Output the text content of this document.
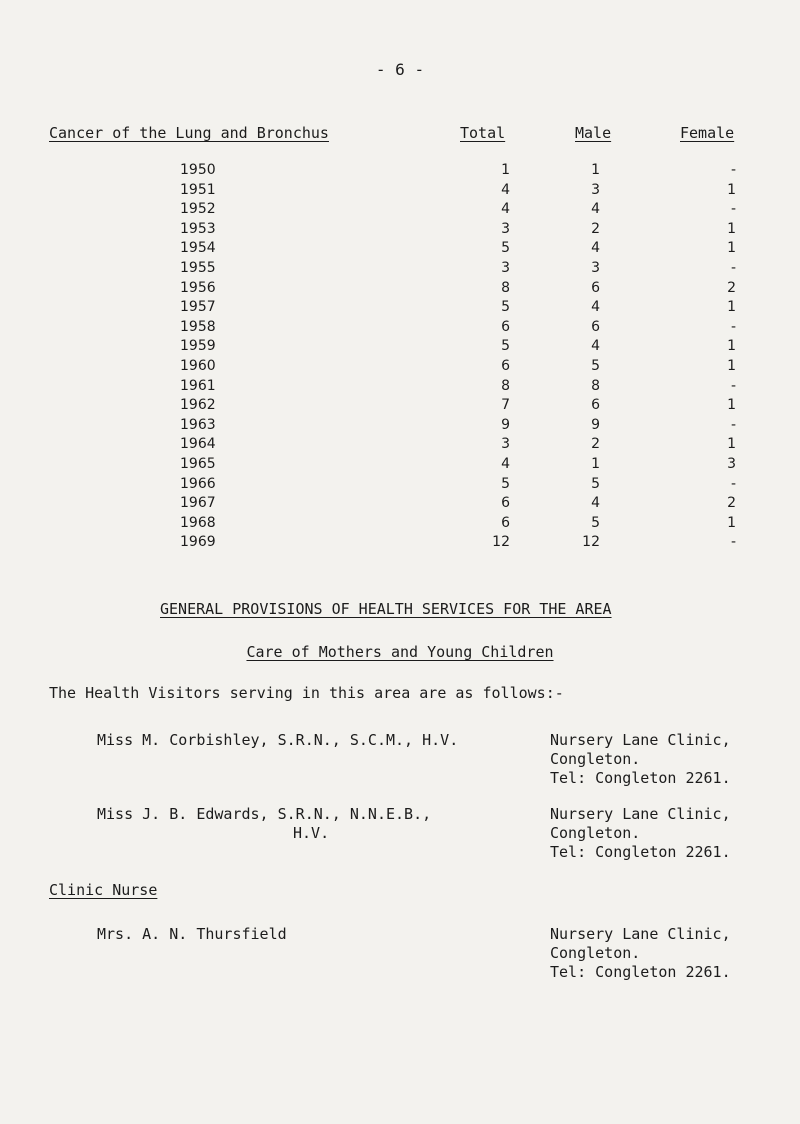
- 6 -
Cancer of the Lung and Bronchus	Total	Male	Female
1950	1	1	-
1951	4	3	1
1952	4	4	-
1953	3	2	1
1954	5	4	1
1955	3	3	-
1956	8	6	2
1957	5	4	1
1958	6	6	-
1959	5	4	1
1960	6	5	1
1961	8	8	-
1962	7	6	1
1963	9	9	-
1964	3	2	1
1965	4	1	3
1966	5	5	-
1967	6	4	2
1968	6	5	1
1969	12	12	-
GENERAL PROVISIONS OF HEALTH SERVICES FOR THE AREA
Care of Mothers and Young Children
The Health Visitors serving in this area are as follows:-
Miss M. Corbishley, S.R.N., S.C.M., H.V.	Nursery Lane Clinic,
Congleton.
Tel: Congleton 2261.
Miss J. B. Edwards, S.R.N., N.N.E.B.,
H.V.
Nursery Lane Clinic,
Congleton.
Tel: Congleton 2261.
Clinic Nurse
Mrs. A. N. Thursfield	Nursery Lane Clinic,
Congleton.
Tel: Congleton 2261.
